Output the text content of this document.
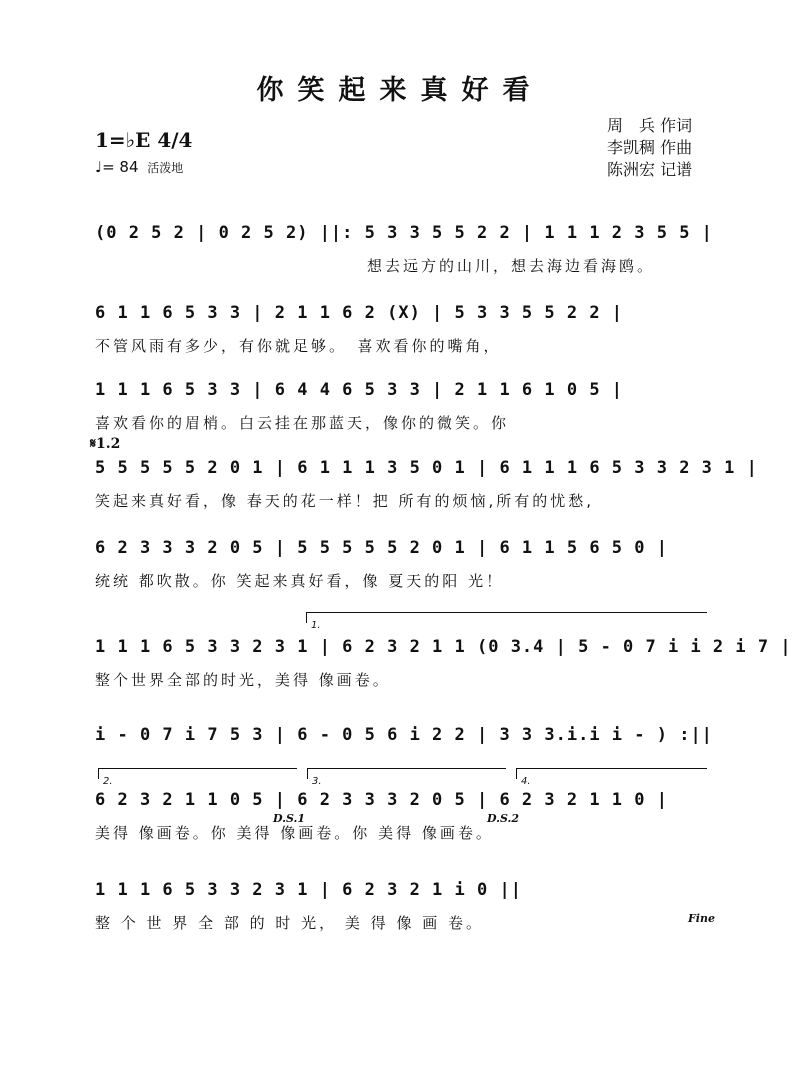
你笑起来真好看
1=♭E 4/4
♩= 84 活泼地
周　兵 作词
李凯稠 作曲
陈洲宏 记谱
(0 2 5 2 | 0 2 5 2) ||: 5 3 3 5 5 2 2 | 1 1 1 2 3 5 5 |
想去远方的山川，想去海边看海鸥。
6 1 1 6 5 3 3 | 2 1 1 6 2 (X) | 5 3 3 5 5 2 2 |
不管风雨有多少，有你就足够。　喜欢看你的嘴角，
1 1 1 6 5 3 3 | 6 4 4 6 5 3 3 | 2 1 1 6 1 0 5 |
喜欢看你的眉梢。白云挂在那蓝天，像你的微笑。你
𝄋1.2
5 5 5 5 5 2 0 1 | 6 1 1 1 3 5 0 1 | 6 1 1 1 6 5 3 3 2 3 1 |
笑起来真好看，像 春天的花一样！把 所有的烦恼,所有的忧愁,
6 2 3 3 3 2 0 5 | 5 5 5 5 5 2 0 1 | 6 1 1 5 6 5 0 |
统统 都吹散。你 笑起来真好看，像 夏天的阳 光！
1.
1 1 1 6 5 3 3 2 3 1 | 6 2 3 2 1 1 (0 3.4 | 5 - 0 7 i i 2 i 7 |
整个世界全部的时光，美得 像画卷。
i - 0 7 i 7 5 3 | 6 - 0 5 6 i 2 2 | 3 3 3.i.i i - ) :||
2.	3.	4.
6 2 3 2 1 1 0 5 | 6 2 3 3 3 2 0 5 | 6 2 3 2 1 1 0 |
美得 像画卷。你 美得 像画卷。你 美得 像画卷。
D.S.1	D.S.2
1 1 1 6 5 3 3 2 3 1 | 6 2 3 2 1 i 0 ||
整 个 世 界 全 部 的 时 光， 美 得 像 画 卷。	Fine
